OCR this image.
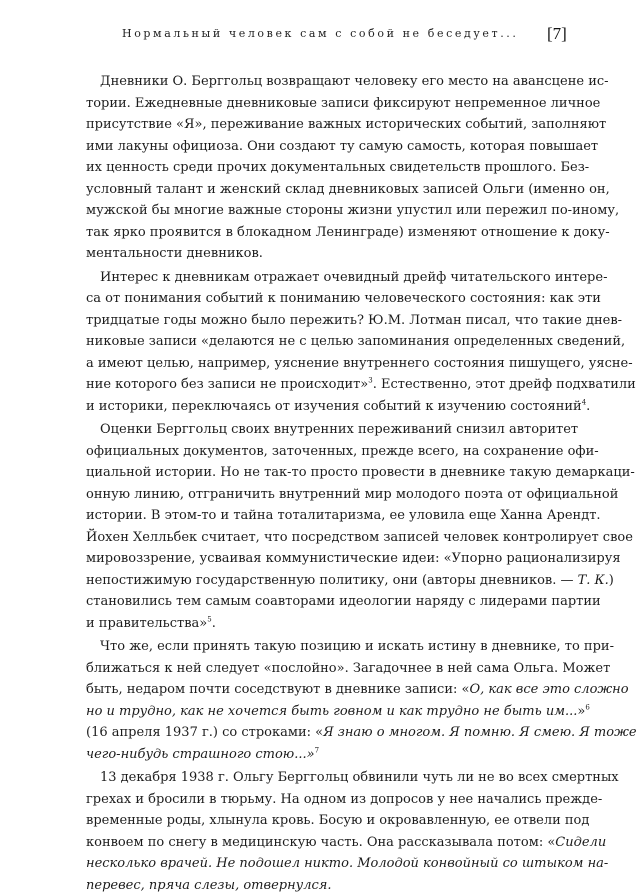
Нормальный человек сам с собой не беседует... [7]
Дневники О. Берггольц возвращают человеку его место на авансцене ис-
тории. Ежедневные дневниковые записи фиксируют непременное личное
присутствие «Я», переживание важных исторических событий, заполняют
ими лакуны официоза. Они создают ту самую самость, которая повышает
их ценность среди прочих документальных свидетельств прошлого. Без-
условный талант и женский склад дневниковых записей Ольги (именно он,
мужской бы многие важные стороны жизни упустил или пережил по-иному,
так ярко проявится в блокадном Ленинграде) изменяют отношение к доку-
ментальности дневников.
Интерес к дневникам отражает очевидный дрейф читательского интере-
са от понимания событий к пониманию человеческого состояния: как эти
тридцатые годы можно было пережить? Ю.М. Лотман писал, что такие днев-
никовые записи «делаются не с целью запоминания определенных сведений,
а имеют целью, например, уяснение внутреннего состояния пишущего, уясне-
ние которого без записи не происходит»$^3$. Естественно, этот дрейф подхватили
и историки, переключаясь от изучения событий к изучению состояний$^4$.
Оценки Берггольц своих внутренних переживаний снизил авторитет
официальных документов, заточенных, прежде всего, на сохранение офи-
циальной истории. Но не так-то просто провести в дневнике такую демаркаци-
онную линию, отграничить внутренний мир молодого поэта от официальной
истории. В этом-то и тайна тоталитаризма, ее уловила еще Ханна Арендт.
Йохен Хелльбек считает, что посредством записей человек контролирует свое
мировоззрение, усваивая коммунистические идеи: «Упорно рационализируя
непостижимую государственную политику, они (авторы дневников. — Т. К.)
становились тем самым соавторами идеологии наряду с лидерами партии
и правительства»$^5$.
Что же, если принять такую позицию и искать истину в дневнике, то при-
ближаться к ней следует «послойно». Загадочнее в ней сама Ольга. Может
быть, недаром почти соседствуют в дневнике записи: «О, как все это сложно
но и трудно, как не хочется быть говном и как трудно не быть им...»$^6$
(16 апреля 1937 г.) со строками: «Я знаю о многом. Я помню. Я смею. Я тоже
чего-нибудь страшного стою...»$^7$
13 декабря 1938 г. Ольгу Берггольц обвинили чуть ли не во всех смертных
грехах и бросили в тюрьму. На одном из допросов у нее начались прежде-
временные роды, хлынула кровь. Босую и окровавленную, ее отвели под
конвоем по снегу в медицинскую часть. Она рассказывала потом: «Сидели
несколько врачей. Не подошел никто. Молодой конвойный со штыком на-
перевес, пряча слезы, отвернулся.
